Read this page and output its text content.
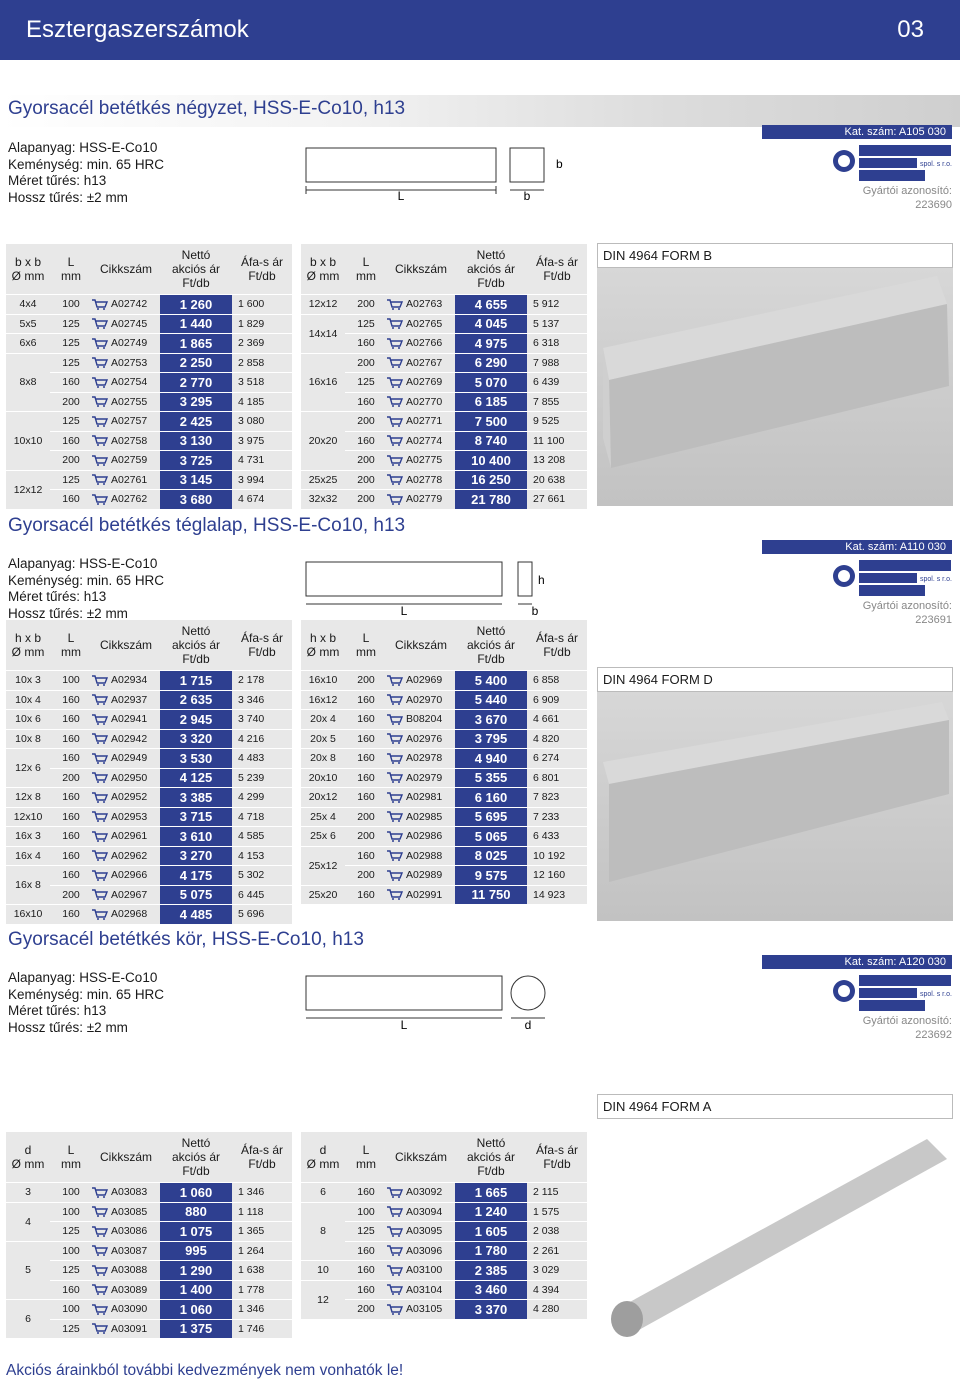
Esztergaszerszámok	03
Gyorsacél betétkés négyzet, HSS-E-Co10, h13
Alapanyag: HSS-E-Co10
Keménység: min. 65 HRC
Méret tűrés: h13
Hossz tűrés: ±2 mm	L
b
b
Kat. szám: A105 030
spol. s r.o.
Gyártói azonosító:
223690
DIN 4964 FORM B
b x b
Ø mm	L
mm	Cikkszám	Nettó
akciós ár
Ft/db	Áfa-s ár
Ft/db
4x4	100	A02742	1 260	1 600
5x5	125	A02745	1 440	1 829
6x6	125	A02749	1 865	2 369
8x8	125	A02753	2 250	2 858
	160	A02754	2 770	3 518
	200	A02755	3 295	4 185
10x10	125	A02757	2 425	3 080
	160	A02758	3 130	3 975
	200	A02759	3 725	4 731
12x12	125	A02761	3 145	3 994
	160	A02762	3 680	4 674
b x b
Ø mm	L
mm	Cikkszám	Nettó
akciós ár
Ft/db	Áfa-s ár
Ft/db
12x12	200	A02763	4 655	5 912
14x14	125	A02765	4 045	5 137
	160	A02766	4 975	6 318
16x16	200	A02767	6 290	7 988
	125	A02769	5 070	6 439
	160	A02770	6 185	7 855
20x20	200	A02771	7 500	9 525
	160	A02774	8 740	11 100
	200	A02775	10 400	13 208
25x25	200	A02778	16 250	20 638
32x32	200	A02779	21 780	27 661
Gyorsacél betétkés téglalap, HSS-E-Co10, h13
Alapanyag: HSS-E-Co10
Keménység: min. 65 HRC
Méret tűrés: h13
Hossz tűrés: ±2 mm	L
h
b
Kat. szám: A110 030
spol. s r.o.
Gyártói azonosító:
223691
DIN 4964 FORM D
h x b
Ø mm	L
mm	Cikkszám	Nettó
akciós ár
Ft/db	Áfa-s ár
Ft/db
10x 3	100	A02934	1 715	2 178
10x 4	160	A02937	2 635	3 346
10x 6	160	A02941	2 945	3 740
10x 8	160	A02942	3 320	4 216
12x 6	160	A02949	3 530	4 483
	200	A02950	4 125	5 239
12x 8	160	A02952	3 385	4 299
12x10	160	A02953	3 715	4 718
16x 3	160	A02961	3 610	4 585
16x 4	160	A02962	3 270	4 153
16x 8	160	A02966	4 175	5 302
	200	A02967	5 075	6 445
16x10	160	A02968	4 485	5 696
h x b
Ø mm	L
mm	Cikkszám	Nettó
akciós ár
Ft/db	Áfa-s ár
Ft/db
16x10	200	A02969	5 400	6 858
16x12	160	A02970	5 440	6 909
20x 4	160	B08204	3 670	4 661
20x 5	160	A02976	3 795	4 820
20x 8	160	A02978	4 940	6 274
20x10	160	A02979	5 355	6 801
20x12	160	A02981	6 160	7 823
25x 4	200	A02985	5 695	7 233
25x 6	200	A02986	5 065	6 433
25x12	160	A02988	8 025	10 192
	200	A02989	9 575	12 160
25x20	160	A02991	11 750	14 923
Gyorsacél betétkés kör, HSS-E-Co10, h13
Alapanyag: HSS-E-Co10
Keménység: min. 65 HRC
Méret tűrés: h13
Hossz tűrés: ±2 mm	L	d
Kat. szám: A120 030
spol. s r.o.
Gyártói azonosító:
223692
DIN 4964 FORM A
d
Ø mm	L
mm	Cikkszám	Nettó
akciós ár
Ft/db	Áfa-s ár
Ft/db
3	100	A03083	1 060	1 346
4	100	A03085	880	1 118
	125	A03086	1 075	1 365
5	100	A03087	995	1 264
	125	A03088	1 290	1 638
	160	A03089	1 400	1 778
6	100	A03090	1 060	1 346
	125	A03091	1 375	1 746
d
Ø mm	L
mm	Cikkszám	Nettó
akciós ár
Ft/db	Áfa-s ár
Ft/db
6	160	A03092	1 665	2 115
8	100	A03094	1 240	1 575
	125	A03095	1 605	2 038
	160	A03096	1 780	2 261
10	160	A03100	2 385	3 029
12	160	A03104	3 460	4 394
	200	A03105	3 370	4 280
Akciós árainkból további kedvezmények nem vonhatók le!
